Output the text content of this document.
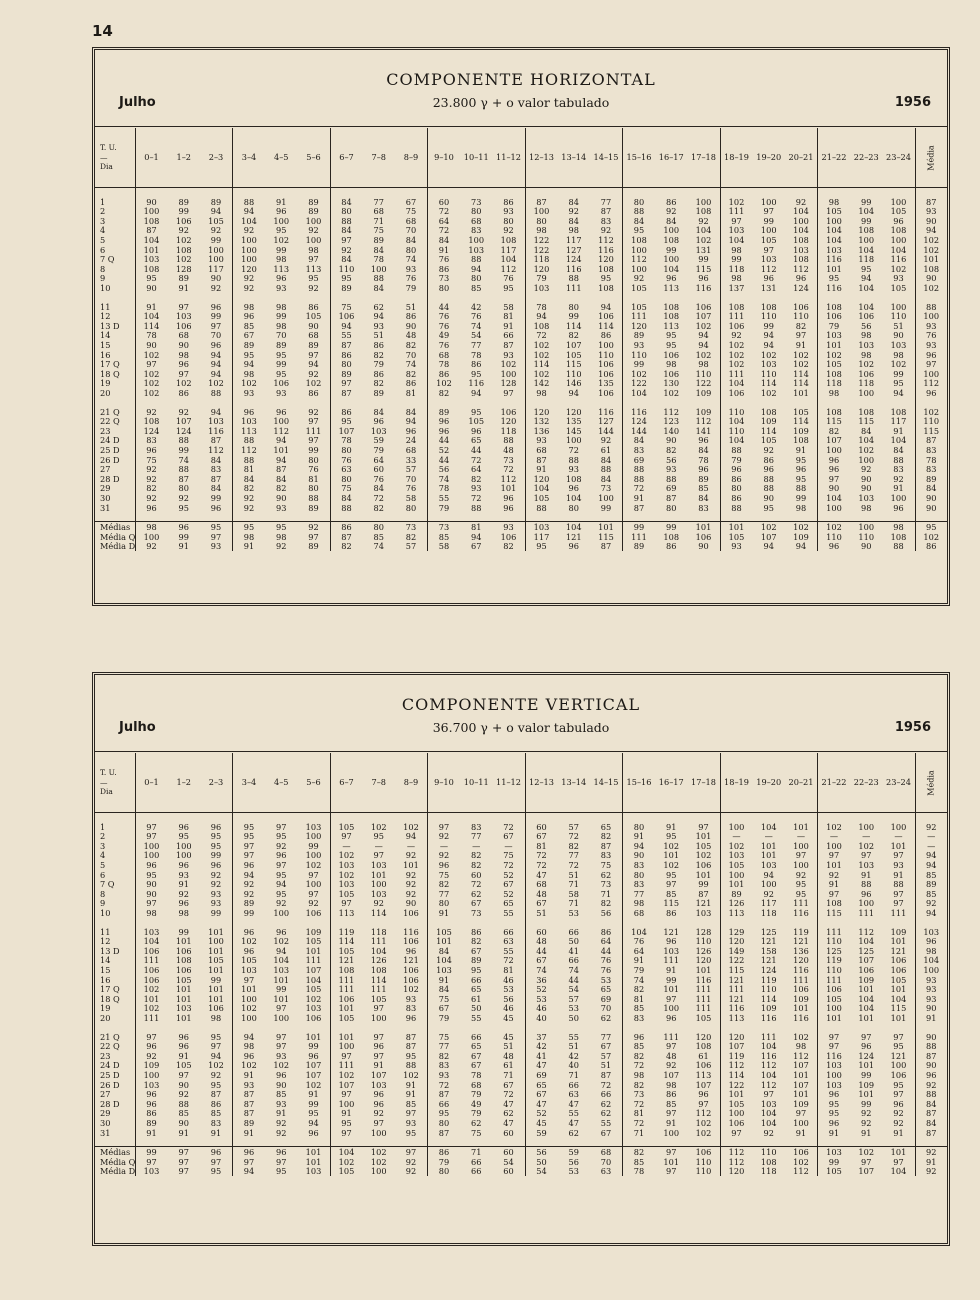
14
COMPONENTE HORIZONTAL
Julho	23.800 γ + o valor tabulado	1956
T. U.
—
Dia	0–1	1–2	2–3	3–4	4–5	5–6	6–7	7–8	8–9	9–10	10–11	11–12	12–13	13–14	14–15	15–16	16–17	17–18	18–19	19–20	20–21	21–22	22–23	23–24	Média

1	90	89	89	88	91	89	84	77	67	60	73	86	87	84	77	80	86	100	102	100	92	98	99	100	87
2	100	99	94	94	96	89	80	68	75	72	80	93	100	92	87	88	92	108	111	97	104	105	104	105	93
3	108	106	105	104	100	100	88	71	68	64	68	80	80	84	83	84	84	92	97	99	100	100	99	96	90
4	87	92	92	92	95	92	84	75	70	72	83	92	98	98	92	95	100	104	103	100	104	104	108	108	94
5	104	102	99	100	102	100	97	89	84	84	100	108	122	117	112	108	108	102	104	105	108	104	100	100	102
6	101	108	100	100	99	98	92	84	80	91	103	117	122	127	116	100	99	131	98	97	103	103	104	104	102
7 Q	103	102	100	100	98	97	84	78	74	76	88	104	118	124	120	112	100	99	99	103	108	116	118	116	101
8	108	128	117	120	113	113	110	100	93	86	94	112	120	116	108	100	104	115	118	112	112	101	95	102	108
9	95	89	90	92	96	95	95	88	76	73	80	76	79	88	95	92	96	96	98	96	96	95	94	93	90
10	90	91	92	92	93	92	89	84	79	80	85	95	103	111	108	105	113	116	137	131	124	116	104	105	102

11	91	97	96	98	98	86	75	62	51	44	42	58	78	80	94	105	108	106	108	108	106	108	104	100	88
12	104	103	99	96	99	105	106	94	86	76	76	81	94	99	106	111	108	107	111	110	110	106	106	110	100
13 D	114	106	97	85	98	90	94	93	90	76	74	91	108	114	114	120	113	102	106	99	82	79	56	51	93
14	78	68	70	67	70	68	55	51	48	49	54	66	72	82	86	89	95	94	92	94	97	103	98	90	76
15	90	90	96	89	89	89	87	86	82	76	77	87	102	107	100	93	95	94	102	94	91	101	103	103	93
16	102	98	94	95	95	97	86	82	70	68	78	93	102	105	110	110	106	102	102	102	102	102	98	98	96
17 Q	97	96	94	94	99	94	80	79	74	78	86	102	114	115	106	99	98	98	102	103	102	105	102	102	97
18 Q	102	97	94	98	95	92	89	86	82	86	95	100	102	110	106	102	106	110	111	110	114	108	106	99	100
19	102	102	102	102	106	102	97	82	86	102	116	128	142	146	135	122	130	122	104	114	114	118	118	95	112
20	102	86	88	93	93	86	87	89	81	82	94	97	98	94	106	104	102	109	106	102	101	98	100	94	96

21 Q	92	92	94	96	96	92	86	84	84	89	95	106	120	120	116	116	112	109	110	108	105	108	108	108	102
22 Q	108	107	103	103	100	97	95	96	94	96	105	120	132	135	127	124	123	112	104	109	114	115	115	117	110
23	124	124	116	113	112	111	107	103	96	96	96	118	136	145	144	144	140	141	110	114	109	82	84	91	115
24 D	83	88	87	88	94	97	78	59	24	44	65	88	93	100	92	84	90	96	104	105	108	107	104	104	87
25 D	96	99	112	112	101	99	80	79	68	52	44	48	68	72	61	83	82	84	88	92	91	100	102	84	83
26 D	75	74	84	88	94	80	76	64	33	44	72	73	87	88	84	69	56	78	79	86	95	96	100	88	78
27	92	88	83	81	87	76	63	60	57	56	64	72	91	93	88	88	93	96	96	96	96	96	92	83	83
28 D	92	87	87	84	84	81	80	76	70	74	82	112	120	108	84	88	88	89	86	88	95	97	90	92	89
29	82	80	84	82	82	80	75	84	76	78	93	101	104	96	73	72	69	85	80	88	88	90	90	91	84
30	92	92	99	92	90	88	84	72	58	55	72	96	105	104	100	91	87	84	86	90	99	104	103	100	90
31	96	95	96	92	93	89	88	82	80	79	88	96	88	80	99	87	80	83	88	95	98	100	98	96	90

Médias	98	96	95	95	95	92	86	80	73	73	81	93	103	104	101	99	99	101	101	102	102	102	100	98	95
Média Q	100	99	97	98	98	97	87	85	82	85	94	106	117	121	115	111	108	106	105	107	109	110	110	108	102
Média D	92	91	93	91	92	89	82	74	57	58	67	82	95	96	87	89	86	90	93	94	94	96	90	88	86
COMPONENTE VERTICAL
Julho	36.700 γ + o valor tabulado	1956
T. U.
—
Dia	0–1	1–2	2–3	3–4	4–5	5–6	6–7	7–8	8–9	9–10	10–11	11–12	12–13	13–14	14–15	15–16	16–17	17–18	18–19	19–20	20–21	21–22	22–23	23–24	Média

1	97	96	96	95	97	103	105	102	102	97	83	72	60	57	65	80	91	97	100	104	101	102	100	100	92
2	97	95	95	95	95	100	97	95	94	92	77	67	67	72	82	91	95	101	—	—	—	—	—	—	—
3	100	100	95	97	92	99	—	—	—	—	—	—	81	82	87	94	102	105	102	101	100	100	102	101	—
4	100	100	99	97	96	100	102	97	92	92	82	75	72	77	83	90	101	102	103	101	97	97	97	97	94
5	96	96	96	96	97	102	103	103	101	96	82	72	72	72	75	83	102	106	105	103	100	101	103	93	94
6	95	93	92	94	95	97	102	101	92	75	60	52	47	51	62	80	95	101	100	94	92	92	91	91	85
7 Q	90	91	92	92	94	100	103	100	92	82	72	67	68	71	73	83	97	99	101	100	95	91	88	88	89
8	90	92	93	92	95	97	105	103	92	77	62	52	48	58	71	77	85	87	89	92	95	97	96	97	85
9	97	96	93	89	92	92	97	92	90	80	67	65	67	71	82	98	115	121	126	117	111	108	100	97	92
10	98	98	99	99	100	106	113	114	106	91	73	55	51	53	56	68	86	103	113	118	116	115	111	111	94

11	103	99	101	96	96	109	119	118	116	105	86	66	60	66	86	104	121	128	129	125	119	111	112	109	103
12	104	101	100	102	102	105	114	111	106	101	82	63	48	50	64	76	96	110	120	121	121	110	104	101	96
13 D	106	106	101	96	94	101	105	104	96	84	67	55	44	41	44	64	103	126	149	158	136	125	125	121	98
14	111	108	105	105	104	111	121	126	121	104	89	72	67	66	76	91	111	120	122	121	120	119	107	106	104
15	106	106	101	103	103	107	108	108	106	103	95	81	74	74	76	79	91	101	115	124	116	110	106	106	100
16	106	105	99	97	101	104	111	114	106	91	66	46	36	44	53	74	99	116	121	119	111	111	109	105	93
17 Q	102	101	101	101	99	105	111	111	102	84	65	53	52	54	65	82	101	111	111	110	106	106	101	101	93
18 Q	101	101	101	100	101	102	106	105	93	75	61	56	53	57	69	81	97	111	121	114	109	105	104	104	93
19	102	103	106	102	97	103	101	97	83	67	50	46	46	53	70	85	100	111	116	109	101	100	104	115	90
20	111	101	98	100	100	106	105	100	96	79	55	45	40	50	62	83	96	105	113	116	116	101	101	101	91

21 Q	97	96	95	94	97	101	101	97	87	75	66	45	37	55	77	96	111	120	120	111	102	97	97	97	90
22 Q	96	96	97	98	97	99	100	96	87	77	65	51	42	51	67	85	97	108	107	104	98	97	96	95	88
23	92	91	94	96	93	96	97	97	95	82	67	48	41	42	57	82	48	61	119	116	112	116	124	121	87
24 D	109	105	102	102	102	107	111	91	88	83	67	61	47	40	51	72	92	106	112	112	107	103	101	100	90
25 D	100	97	92	91	96	107	102	107	102	93	78	71	69	71	87	98	107	113	114	104	101	100	99	106	96
26 D	103	90	95	93	90	102	107	103	91	72	68	67	65	66	72	82	98	107	122	112	107	103	109	95	92
27	96	92	87	87	85	91	97	96	91	87	79	72	67	63	66	73	86	96	101	97	101	96	101	97	88
28 D	96	88	86	87	93	99	100	96	85	66	49	47	47	47	62	72	85	97	105	103	109	95	99	96	84
29	86	85	85	87	91	95	91	92	97	95	79	62	52	55	62	81	97	112	100	104	97	95	92	92	87
30	89	90	83	89	92	94	95	97	93	80	62	47	45	47	55	72	91	102	106	104	100	96	92	92	84
31	91	91	91	91	92	96	97	100	95	87	75	60	59	62	67	71	100	102	97	92	91	91	91	91	87

Médias	99	97	96	96	96	101	104	102	97	86	71	60	56	59	68	82	97	106	112	110	106	103	102	101	92
Média Q	97	97	97	97	97	101	102	102	92	79	66	54	50	56	70	85	101	110	112	108	102	99	97	97	91
Média D	103	97	95	94	95	103	105	100	92	80	66	60	54	53	63	78	97	110	120	118	112	105	107	104	92
